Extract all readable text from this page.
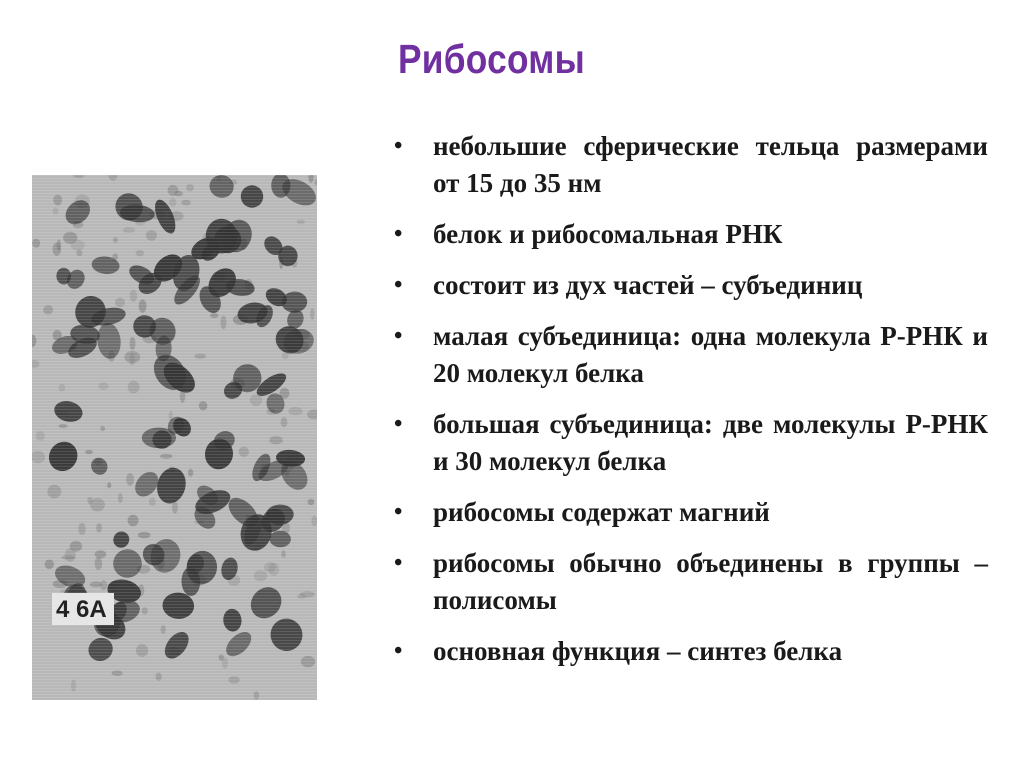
Рибосомы
4 6A
• небольшие сферические тельца размерами от 15 до 35 нм
• белок и рибосомальная РНК
• состоит из дух частей – субъединиц
• малая субъединица: одна молекула Р-РНК и 20 молекул белка
• большая субъединица: две молекулы Р-РНК и 30 молекул белка
• рибосомы содержат магний
• рибосомы обычно объединены в группы – полисомы
• основная функция – синтез белка
